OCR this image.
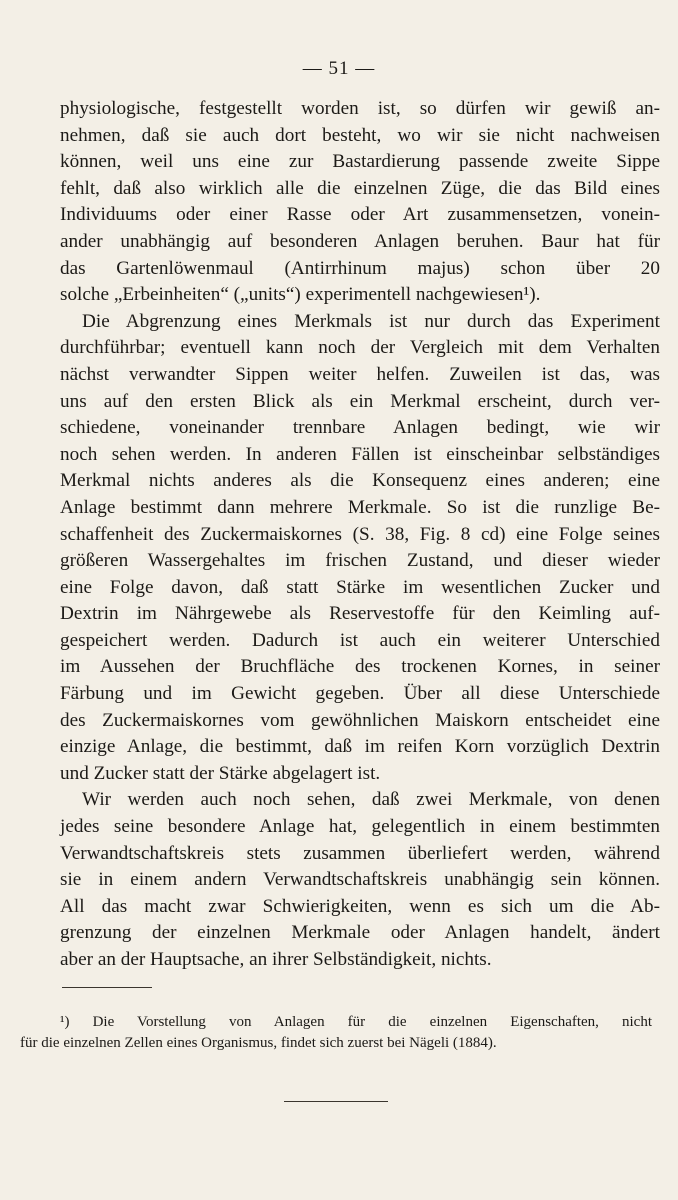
— 51 —

physiologische, festgestellt worden ist, so dürfen wir gewiß an-
nehmen, daß sie auch dort besteht, wo wir sie nicht nachweisen
können, weil uns eine zur Bastardierung passende zweite Sippe
fehlt, daß also wirklich alle die einzelnen Züge, die das Bild eines
Individuums oder einer Rasse oder Art zusammensetzen, vonein-
ander unabhängig auf besonderen Anlagen beruhen. Baur hat für
das Gartenlöwenmaul (Antirrhinum majus) schon über 20
solche „Erbeinheiten“ („units“) experimentell nachgewiesen¹).

Die Abgrenzung eines Merkmals ist nur durch das Experiment
durchführbar; eventuell kann noch der Vergleich mit dem Verhalten
nächst verwandter Sippen weiter helfen. Zuweilen ist das, was
uns auf den ersten Blick als ein Merkmal erscheint, durch ver-
schiedene, voneinander trennbare Anlagen bedingt, wie wir
noch sehen werden. In anderen Fällen ist einscheinbar selbständiges
Merkmal nichts anderes als die Konsequenz eines anderen; eine
Anlage bestimmt dann mehrere Merkmale. So ist die runzlige Be-
schaffenheit des Zuckermaiskornes (S. 38, Fig. 8 cd) eine Folge seines
größeren Wassergehaltes im frischen Zustand, und dieser wieder
eine Folge davon, daß statt Stärke im wesentlichen Zucker und
Dextrin im Nährgewebe als Reservestoffe für den Keimling auf-
gespeichert werden. Dadurch ist auch ein weiterer Unterschied
im Aussehen der Bruchfläche des trockenen Kornes, in seiner
Färbung und im Gewicht gegeben. Über all diese Unterschiede
des Zuckermaiskornes vom gewöhnlichen Maiskorn entscheidet eine
einzige Anlage, die bestimmt, daß im reifen Korn vorzüglich Dextrin
und Zucker statt der Stärke abgelagert ist.

Wir werden auch noch sehen, daß zwei Merkmale, von denen
jedes seine besondere Anlage hat, gelegentlich in einem bestimmten
Verwandtschaftskreis stets zusammen überliefert werden, während
sie in einem andern Verwandtschaftskreis unabhängig sein können.
All das macht zwar Schwierigkeiten, wenn es sich um die Ab-
grenzung der einzelnen Merkmale oder Anlagen handelt, ändert
aber an der Hauptsache, an ihrer Selbständigkeit, nichts.

¹) Die Vorstellung von Anlagen für die einzelnen Eigenschaften, nicht
für die einzelnen Zellen eines Organismus, findet sich zuerst bei Nägeli (1884).
